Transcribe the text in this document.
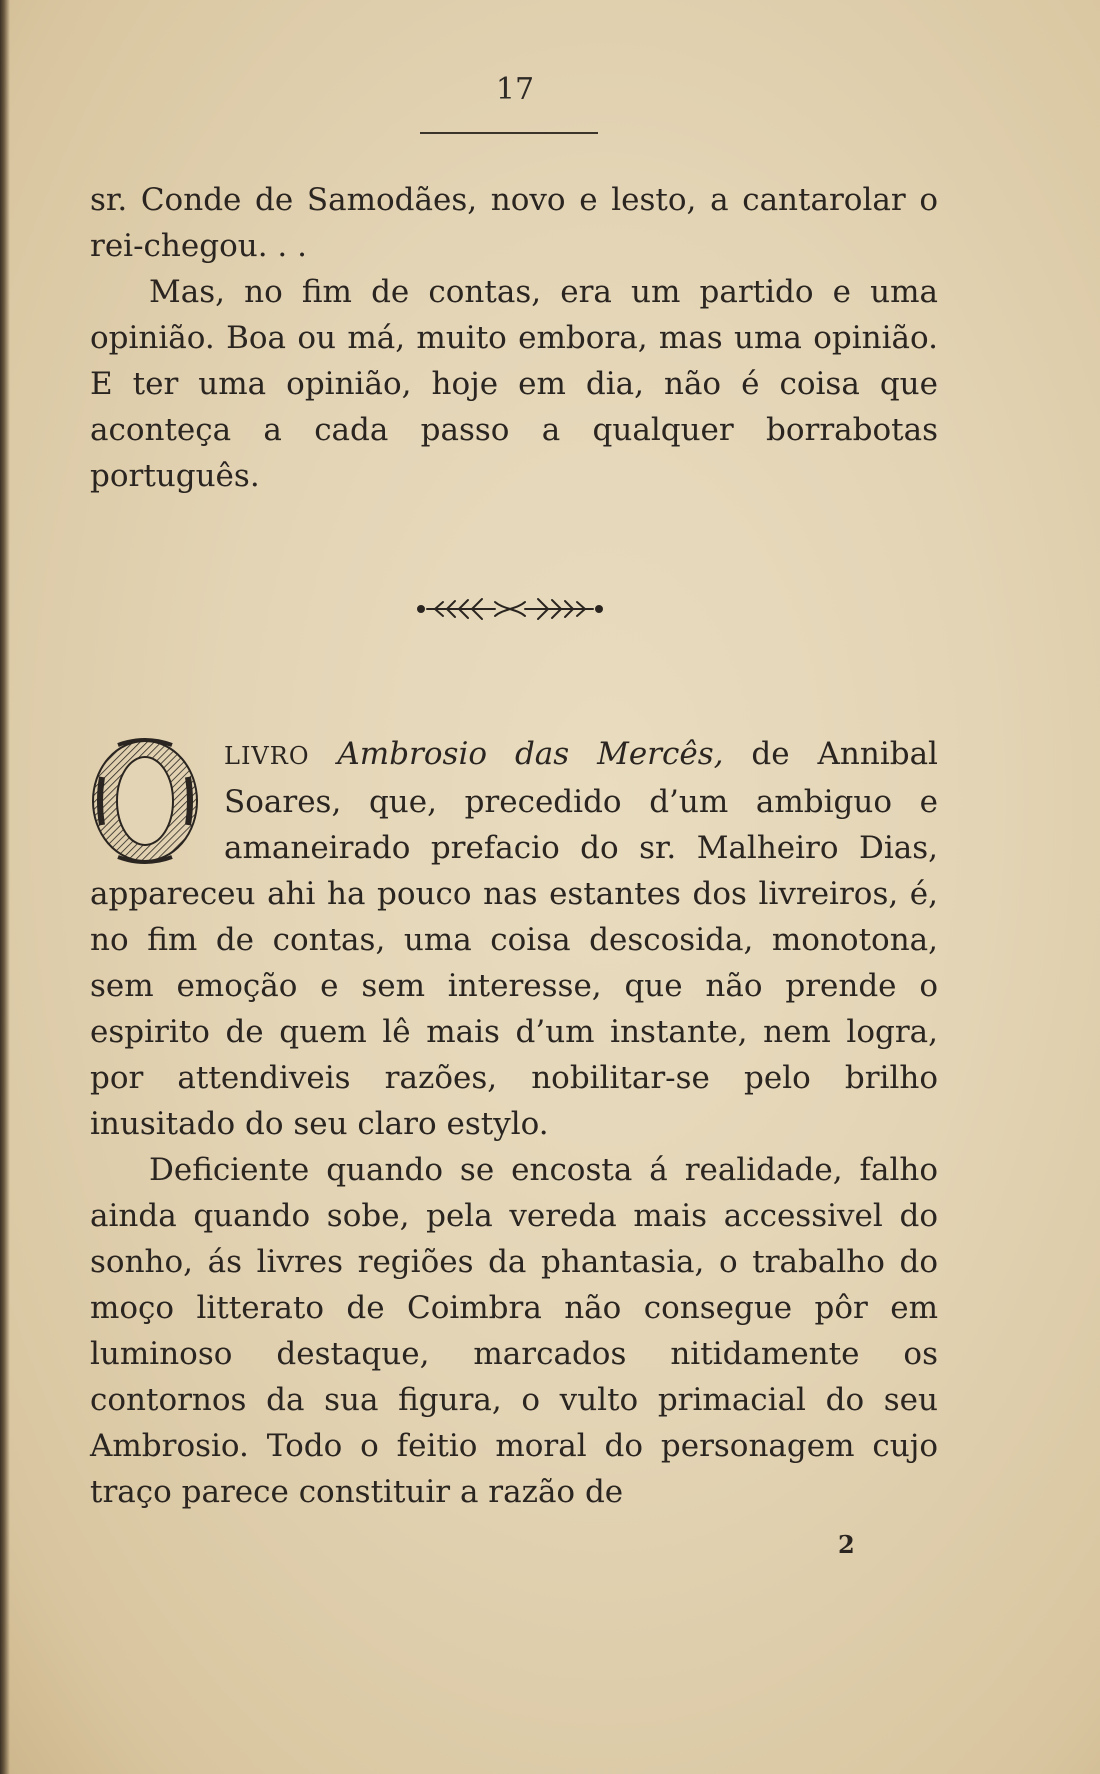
17

sr. Conde de Samodães, novo e lesto, a cantarolar o rei-chegou. . .

Mas, no fim de contas, era um partido e uma opinião. Boa ou má, muito embora, mas uma opinião. E ter uma opinião, hoje em dia, não é coisa que aconteça a cada passo a qualquer borrabotas português.

LIVRO Ambrosio das Mercês, de Annibal Soares, que, precedido d’um ambiguo e amaneirado prefacio do sr. Malheiro Dias, appareceu ahi ha pouco nas estantes dos livreiros, é, no fim de contas, uma coisa descosida, monotona, sem emoção e sem interesse, que não prende o espirito de quem lê mais d’um instante, nem logra, por attendiveis razões, nobilitar-se pelo brilho inusitado do seu claro estylo.

Deficiente quando se encosta á realidade, falho ainda quando sobe, pela vereda mais accessivel do sonho, ás livres regiões da phantasia, o trabalho do moço litterato de Coimbra não consegue pôr em luminoso destaque, marcados nitidamente os contornos da sua figura, o vulto primacial do seu Ambrosio. Todo o feitio moral do personagem cujo traço parece constituir a razão de

2
